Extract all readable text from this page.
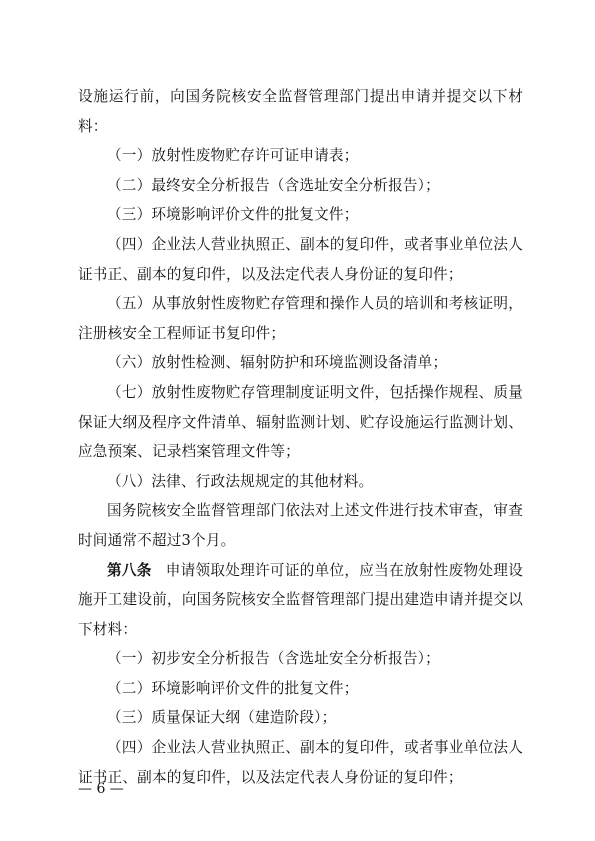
设施运行前，向国务院核安全监督管理部门提出申请并提交以下材料：

（一）放射性废物贮存许可证申请表；

（二）最终安全分析报告（含选址安全分析报告）；

（三）环境影响评价文件的批复文件；

（四）企业法人营业执照正、副本的复印件，或者事业单位法人证书正、副本的复印件，以及法定代表人身份证的复印件；

（五）从事放射性废物贮存管理和操作人员的培训和考核证明，注册核安全工程师证书复印件；

（六）放射性检测、辐射防护和环境监测设备清单；

（七）放射性废物贮存管理制度证明文件，包括操作规程、质量保证大纲及程序文件清单、辐射监测计划、贮存设施运行监测计划、应急预案、记录档案管理文件等；

（八）法律、行政法规规定的其他材料。

国务院核安全监督管理部门依法对上述文件进行技术审查，审查时间通常不超过3个月。

第八条 申请领取处理许可证的单位，应当在放射性废物处理设施开工建设前，向国务院核安全监督管理部门提出建造申请并提交以下材料：

（一）初步安全分析报告（含选址安全分析报告）；

（二）环境影响评价文件的批复文件；

（三）质量保证大纲（建造阶段）；

（四）企业法人营业执照正、副本的复印件，或者事业单位法人证书正、副本的复印件，以及法定代表人身份证的复印件；

— 6 —
